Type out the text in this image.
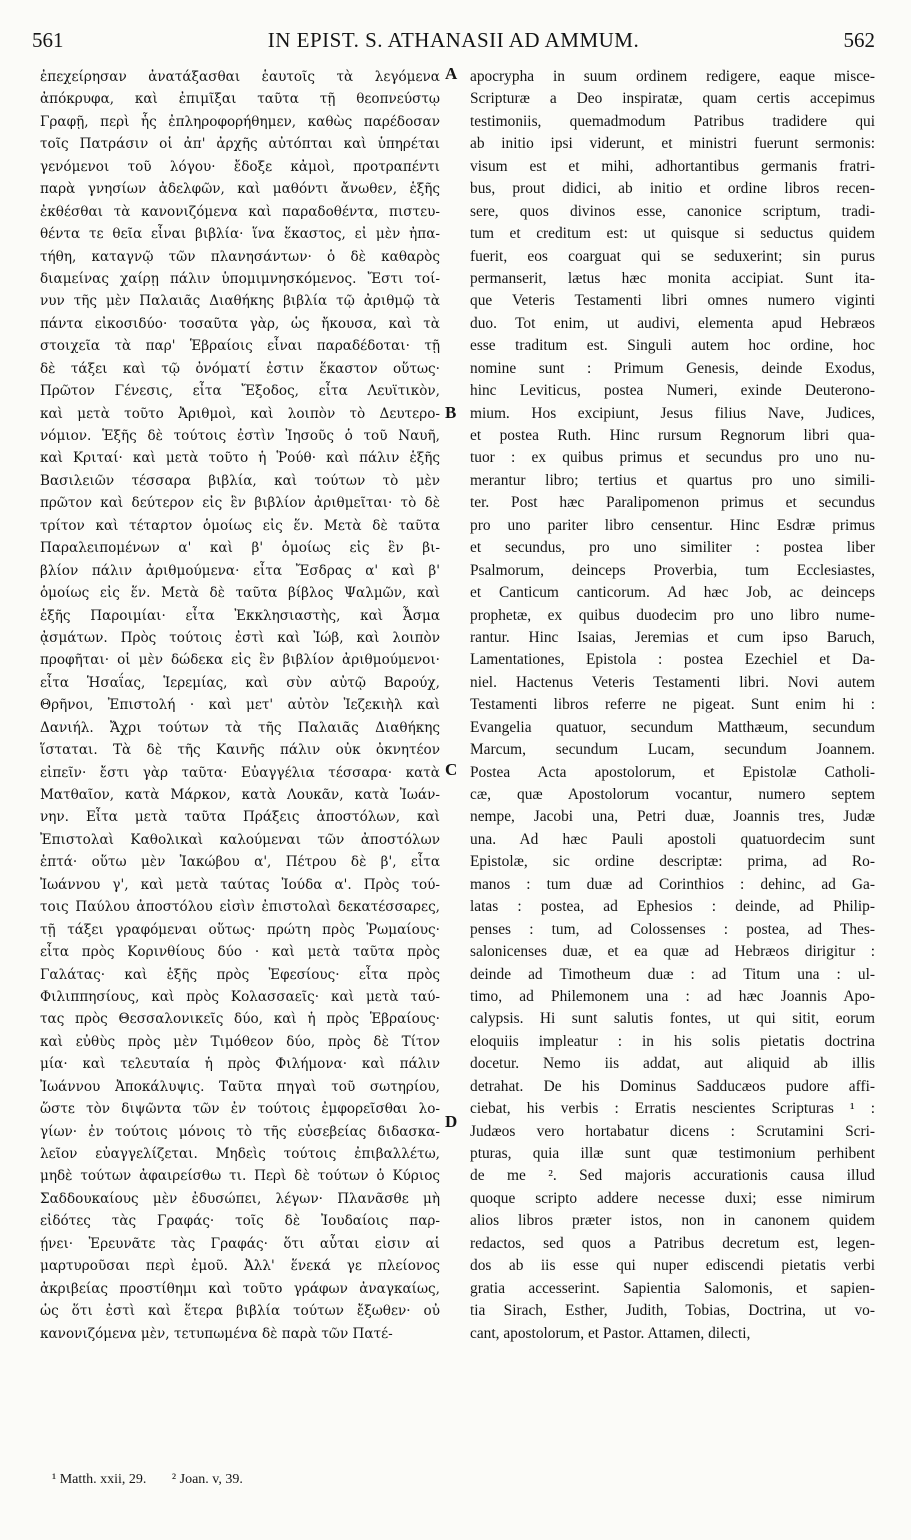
561	IN EPIST. S. ATHANASII AD AMMUM.	562
ἐπεχείρησαν ἀνατάξασθαι ἑαυτοῖς τὰ λεγόμενα
ἀπόκρυφα, καὶ ἐπιμῖξαι ταῦτα τῇ θεοπνεύστῳ
Γραφῇ, περὶ ἧς ἐπληροφορήθημεν, καθὼς παρέδοσαν
τοῖς Πατράσιν οἱ ἀπ' ἀρχῆς αὐτόπται καὶ ὑπηρέται
γενόμενοι τοῦ λόγου· ἔδοξε κἀμοὶ, προτραπέντι
παρὰ γνησίων ἀδελφῶν, καὶ μαθόντι ἄνωθεν, ἑξῆς
ἐκθέσθαι τὰ κανονιζόμενα καὶ παραδοθέντα, πιστευ-
θέντα τε θεῖα εἶναι βιβλία· ἵνα ἕκαστος, εἰ μὲν ἠπα-
τήθη, καταγνῷ τῶν πλανησάντων· ὁ δὲ καθαρὸς
διαμείνας χαίρῃ πάλιν ὑπομιμνησκόμενος. Ἔστι τοί-
νυν τῆς μὲν Παλαιᾶς Διαθήκης βιβλία τῷ ἀριθμῷ τὰ
πάντα εἰκοσιδύο· τοσαῦτα γὰρ, ὡς ἤκουσα, καὶ τὰ
στοιχεῖα τὰ παρ' Ἑβραίοις εἶναι παραδέδοται· τῇ
δὲ τάξει καὶ τῷ ὀνόματί ἐστιν ἕκαστον οὕτως·
Πρῶτον Γένεσις, εἶτα Ἔξοδος, εἶτα Λευϊτικὸν,
καὶ μετὰ τοῦτο Ἀριθμοὶ, καὶ λοιπὸν τὸ Δευτερο-
νόμιον. Ἑξῆς δὲ τούτοις ἐστὶν Ἰησοῦς ὁ τοῦ Ναυῆ,
καὶ Κριταί· καὶ μετὰ τοῦτο ἡ Ῥούθ· καὶ πάλιν ἑξῆς
Βασιλειῶν τέσσαρα βιβλία, καὶ τούτων τὸ μὲν
πρῶτον καὶ δεύτερον εἰς ἓν βιβλίον ἀριθμεῖται· τὸ δὲ
τρίτον καὶ τέταρτον ὁμοίως εἰς ἕν. Μετὰ δὲ ταῦτα
Παραλειπομένων α' καὶ β' ὁμοίως εἰς ἓν βι-
βλίον πάλιν ἀριθμούμενα· εἶτα Ἔσδρας α' καὶ β'
ὁμοίως εἰς ἕν. Μετὰ δὲ ταῦτα βίβλος Ψαλμῶν, καὶ
ἑξῆς Παροιμίαι· εἶτα Ἐκκλησιαστὴς, καὶ Ἆσμα
ᾀσμάτων. Πρὸς τούτοις ἐστὶ καὶ Ἰώβ, καὶ λοιπὸν
προφῆται· οἱ μὲν δώδεκα εἰς ἓν βιβλίον ἀριθμούμενοι·
εἶτα Ἡσαΐας, Ἱερεμίας, καὶ σὺν αὐτῷ Βαρούχ,
Θρῆνοι, Ἐπιστολή · καὶ μετ' αὐτὸν Ἰεζεκιὴλ καὶ
Δανιήλ. Ἄχρι τούτων τὰ τῆς Παλαιᾶς Διαθήκης
ἵσταται. Τὰ δὲ τῆς Καινῆς πάλιν οὐκ ὀκνητέον
εἰπεῖν· ἔστι γὰρ ταῦτα· Εὐαγγέλια τέσσαρα· κατὰ
Ματθαῖον, κατὰ Μάρκον, κατὰ Λουκᾶν, κατὰ Ἰωάν-
νην. Εἶτα μετὰ ταῦτα Πράξεις ἀποστόλων, καὶ
Ἐπιστολαὶ Καθολικαὶ καλούμεναι τῶν ἀποστόλων
ἑπτά· οὕτω μὲν Ἰακώβου α', Πέτρου δὲ β', εἶτα
Ἰωάννου γ', καὶ μετὰ ταύτας Ἰούδα α'. Πρὸς τού-
τοις Παύλου ἀποστόλου εἰσὶν ἐπιστολαὶ δεκατέσσαρες,
τῇ τάξει γραφόμεναι οὕτως· πρώτη πρὸς Ῥωμαίους·
εἶτα πρὸς Κορινθίους δύο · καὶ μετὰ ταῦτα πρὸς
Γαλάτας· καὶ ἑξῆς πρὸς Ἐφεσίους· εἶτα πρὸς
Φιλιππησίους, καὶ πρὸς Κολασσαεῖς· καὶ μετὰ ταύ-
τας πρὸς Θεσσαλονικεῖς δύο, καὶ ἡ πρὸς Ἑβραίους·
καὶ εὐθὺς πρὸς μὲν Τιμόθεον δύο, πρὸς δὲ Τίτον
μία· καὶ τελευταία ἡ πρὸς Φιλήμονα· καὶ πάλιν
Ἰωάννου Ἀποκάλυψις. Ταῦτα πηγαὶ τοῦ σωτηρίου,
ὥστε τὸν διψῶντα τῶν ἐν τούτοις ἐμφορεῖσθαι λο-
γίων· ἐν τούτοις μόνοις τὸ τῆς εὐσεβείας διδασκα-
λεῖον εὐαγγελίζεται. Μηδεὶς τούτοις ἐπιβαλλέτω,
μηδὲ τούτων ἀφαιρείσθω τι. Περὶ δὲ τούτων ὁ Κύριος
Σαδδουκαίους μὲν ἐδυσώπει, λέγων· Πλανᾶσθε μὴ
εἰδότες τὰς Γραφάς· τοῖς δὲ Ἰουδαίοις παρ-
ῄνει· Ἐρευνᾶτε τὰς Γραφάς· ὅτι αὗται εἰσιν αἱ
μαρτυροῦσαι περὶ ἐμοῦ. Ἀλλ' ἕνεκά γε πλείονος
ἀκριβείας προστίθημι καὶ τοῦτο γράφων ἀναγκαίως,
ὡς ὅτι ἐστὶ καὶ ἕτερα βιβλία τούτων ἔξωθεν· οὐ
κανονιζόμενα μὲν, τετυπωμένα δὲ παρὰ τῶν Πατέ-
A
B
C
D
apocrypha in suum ordinem redigere, eaque misce-
Scripturæ a Deo inspiratæ, quam certis accepimus
testimoniis, quemadmodum Patribus tradidere qui
ab initio ipsi viderunt, et ministri fuerunt sermonis:
visum est et mihi, adhortantibus germanis fratri-
bus, prout didici, ab initio et ordine libros recen-
sere, quos divinos esse, canonice scriptum, tradi-
tum et creditum est: ut quisque si seductus quidem
fuerit, eos coarguat qui se seduxerint; sin purus
permanserit, lætus hæc monita accipiat. Sunt ita-
que Veteris Testamenti libri omnes numero viginti
duo. Tot enim, ut audivi, elementa apud Hebræos
esse traditum est. Singuli autem hoc ordine, hoc
nomine sunt : Primum Genesis, deinde Exodus,
hinc Leviticus, postea Numeri, exinde Deuterono-
mium. Hos excipiunt, Jesus filius Nave, Judices,
et postea Ruth. Hinc rursum Regnorum libri qua-
tuor : ex quibus primus et secundus pro uno nu-
merantur libro; tertius et quartus pro uno simili-
ter. Post hæc Paralipomenon primus et secundus
pro uno pariter libro censentur. Hinc Esdræ primus
et secundus, pro uno similiter : postea liber
Psalmorum, deinceps Proverbia, tum Ecclesiastes,
et Canticum canticorum. Ad hæc Job, ac deinceps
prophetæ, ex quibus duodecim pro uno libro nume-
rantur. Hinc Isaias, Jeremias et cum ipso Baruch,
Lamentationes, Epistola : postea Ezechiel et Da-
niel. Hactenus Veteris Testamenti libri. Novi autem
Testamenti libros referre ne pigeat. Sunt enim hi :
Evangelia quatuor, secundum Matthæum, secundum
Marcum, secundum Lucam, secundum Joannem.
Postea Acta apostolorum, et Epistolæ Catholi-
cæ, quæ Apostolorum vocantur, numero septem
nempe, Jacobi una, Petri duæ, Joannis tres, Judæ
una. Ad hæc Pauli apostoli quatuordecim sunt
Epistolæ, sic ordine descriptæ: prima, ad Ro-
manos : tum duæ ad Corinthios : dehinc, ad Ga-
latas : postea, ad Ephesios : deinde, ad Philip-
penses : tum, ad Colossenses : postea, ad Thes-
salonicenses duæ, et ea quæ ad Hebræos dirigitur :
deinde ad Timotheum duæ : ad Titum una : ul-
timo, ad Philemonem una : ad hæc Joannis Apo-
calypsis. Hi sunt salutis fontes, ut qui sitit, eorum
eloquiis impleatur : in his solis pietatis doctrina
docetur. Nemo iis addat, aut aliquid ab illis
detrahat. De his Dominus Sadducæos pudore affi-
ciebat, his verbis : Erratis nescientes Scripturas ¹ :
Judæos vero hortabatur dicens : Scrutamini Scri-
pturas, quia illæ sunt quæ testimonium perhibent
de me ². Sed majoris accurationis causa illud
quoque scripto addere necesse duxi; esse nimirum
alios libros præter istos, non in canonem quidem
redactos, sed quos a Patribus decretum est, legen-
dos ab iis esse qui nuper ediscendi pietatis verbi
gratia accesserint. Sapientia Salomonis, et sapien-
tia Sirach, Esther, Judith, Tobias, Doctrina, ut vo-
cant, apostolorum, et Pastor. Attamen, dilecti,
¹ Matth. xxii, 29. ² Joan. v, 39.
